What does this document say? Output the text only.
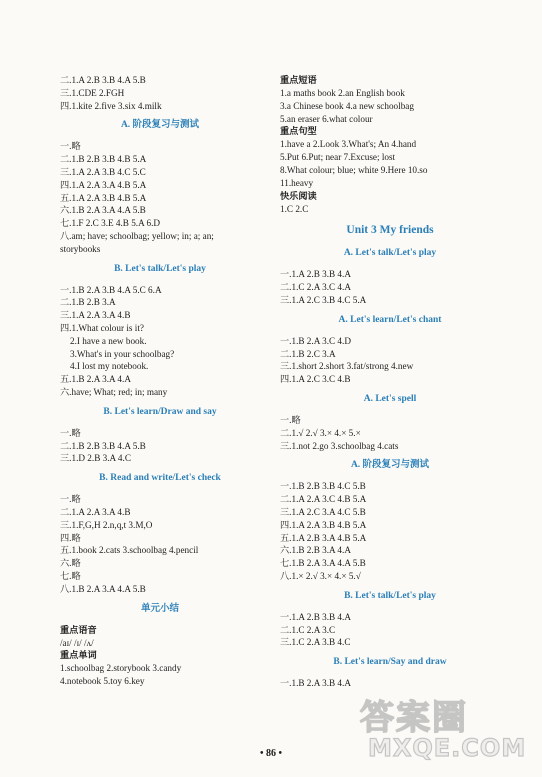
二.1.A 2.B 3.B 4.A 5.B
三.1.CDE 2.FGH
四.1.kite 2.five 3.six 4.milk
A. 阶段复习与测试
一.略
二.1.B 2.B 3.B 4.B 5.A
三.1.A 2.A 3.B 4.C 5.C
四.1.A 2.A 3.A 4.B 5.A
五.1.A 2.A 3.B 4.B 5.A
六.1.B 2.A 3.A 4.A 5.B
七.1.F 2.C 3.E 4.B 5.A 6.D
八.am; have; schoolbag; yellow; in; a; an;
storybooks
B. Let's talk/Let's play
一.1.B 2.A 3.B 4.A 5.C 6.A
二.1.B 2.B 3.A
三.1.A 2.A 3.A 4.B
四.1.What colour is it?
2.I have a new book.
3.What's in your schoolbag?
4.I lost my notebook.
五.1.B 2.A 3.A 4.A
六.have; What; red; in; many
B. Let's learn/Draw and say
一.略
二.1.B 2.B 3.B 4.A 5.B
三.1.D 2.B 3.A 4.C
B. Read and write/Let's check
一.略
二.1.A 2.A 3.A 4.B
三.1.F,G,H 2.n,q,t 3.M,O
四.略
五.1.book 2.cats 3.schoolbag 4.pencil
六.略
七.略
八.1.B 2.A 3.A 4.A 5.B
单元小结
重点语音
/aɪ/ /ɪ/ /ʌ/
重点单词
1.schoolbag 2.storybook 3.candy
4.notebook 5.toy 6.key
重点短语
1.a maths book 2.an English book
3.a Chinese book 4.a new schoolbag
5.an eraser 6.what colour
重点句型
1.have a 2.Look 3.What's; An 4.hand
5.Put 6.Put; near 7.Excuse; lost
8.What colour; blue; white 9.Here 10.so
11.heavy
快乐阅读
1.C 2.C
Unit 3 My friends
A. Let's talk/Let's play
一.1.A 2.B 3.B 4.A
二.1.C 2.A 3.C 4.A
三.1.A 2.C 3.B 4.C 5.A
A. Let's learn/Let's chant
一.1.B 2.A 3.C 4.D
二.1.B 2.C 3.A
三.1.short 2.short 3.fat/strong 4.new
四.1.A 2.C 3.C 4.B
A. Let's spell
一.略
二.1.√ 2.√ 3.× 4.× 5.×
三.1.not 2.go 3.schoolbag 4.cats
A. 阶段复习与测试
一.1.B 2.B 3.B 4.C 5.B
二.1.A 2.A 3.C 4.B 5.A
三.1.A 2.C 3.A 4.C 5.B
四.1.A 2.A 3.B 4.B 5.A
五.1.A 2.B 3.A 4.B 5.A
六.1.B 2.B 3.A 4.A
七.1.B 2.A 3.A 4.A 5.B
八.1.× 2.√ 3.× 4.× 5.√
B. Let's talk/Let's play
一.1.A 2.B 3.B 4.A
二.1.C 2.A 3.C
三.1.C 2.A 3.B 4.C
B. Let's learn/Say and draw
一.1.B 2.A 3.B 4.A
• 86 •
答案圈
MXQE.COM
